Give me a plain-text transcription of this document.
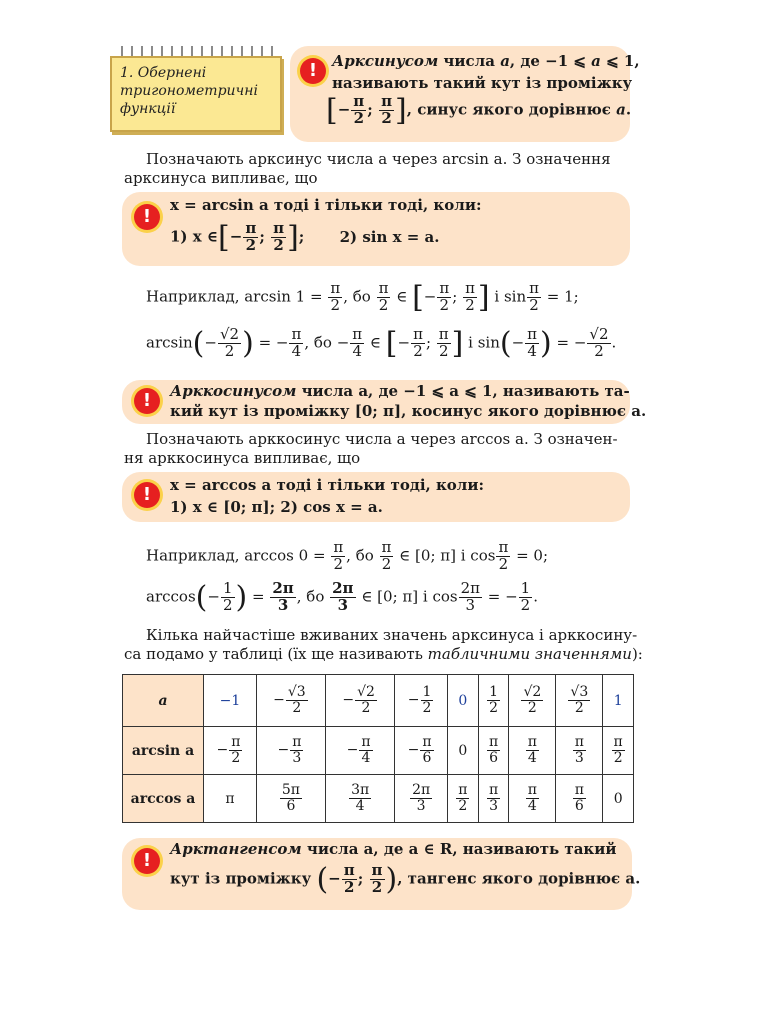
1. Обернені
тригонометричні
функції
! Арксинусом числа a, де −1 ⩽ a ⩽ 1,
називають такий кут із проміжку
[− $\frac{\pi}{2}$ ; $\frac{\pi}{2}$ ], синус якого дорівнює a.
Позначають арксинус числа a через arcsin a. З означення
арксинуса випливає, що
!
x = arcsin a тоді і тільки тоді, коли:
1) x ∈[− $\frac{\pi}{2}$ ; $\frac{\pi}{2}$ ]; 2) sin x = a.
Наприклад, $\arcsin 1 = \frac{\pi}{2}$ , бо $\frac{\pi}{2}$ ∈ [− $\frac{\pi}{2}$ ; $\frac{\pi}{2}$ ] і $\sin \frac{\pi}{2} = 1$;
$\arcsin(- \frac{√2}{2}$ ) = − $\frac{\pi}{4}$ , бо − $\frac{\pi}{4}$ ∈ [− $\frac{\pi}{2}$ ; $\frac{\pi}{2}$ ] і $\sin(- \frac{\pi}{4}$ ) = − $\frac{√2}{2}$ .
!	Арккосинусом числа a, де −1 ⩽ a ⩽ 1, називають та-
кий кут із проміжку [0; π], косинус якого дорівнює a.
Позначають арккосинус числа a через arccos a. З означен-
ня арккосинуса випливає, що
!	x = arccos a тоді і тільки тоді, коли:
1) x ∈ [0; π]; 2) cos x = a.
Наприклад, $\arccos 0 = \frac{\pi}{2}$ , бо $\frac{\pi}{2}$ ∈ [0; π] і $\cos \frac{\pi}{2} = 0$;
$\arccos(- \frac{1}{2}$ ) = $\frac{2\pi}{3}$ , бо $\frac{2\pi}{3}$ ∈ [0; π] і $\cos \frac{2\pi}{3}$ = − $\frac{1}{2}$ .
Кілька найчастіше вживаних значень арксинуса і арккосину-
са подамо у таблиці (їх ще називають табличними значеннями):
a	−1	− $\frac{√3}{2}$	− $\frac{√2}{2}$	− $\frac{1}{2}$	0	$\frac{1}{2}$	$\frac{√2}{2}$	$\frac{√3}{2}$	1
arcsin a	− $\frac{\pi}{2}$	− $\frac{\pi}{3}$	− $\frac{\pi}{4}$	− $\frac{\pi}{6}$	0	$\frac{\pi}{6}$	$\frac{\pi}{4}$	$\frac{\pi}{3}$	$\frac{\pi}{2}$

arccos a	π	$\frac{5\pi}{6}$	$\frac{3\pi}{4}$	$\frac{2\pi}{3}$	$\frac{\pi}{2}$	$\frac{\pi}{3}$	$\frac{\pi}{4}$	$\frac{\pi}{6}$	0
!
Арктангенсом числа a, де a ∈ R, називають такий
кут із проміжку (− $\frac{\pi}{2}$ ; $\frac{\pi}{2}$ ), тангенс якого дорівнює a.
